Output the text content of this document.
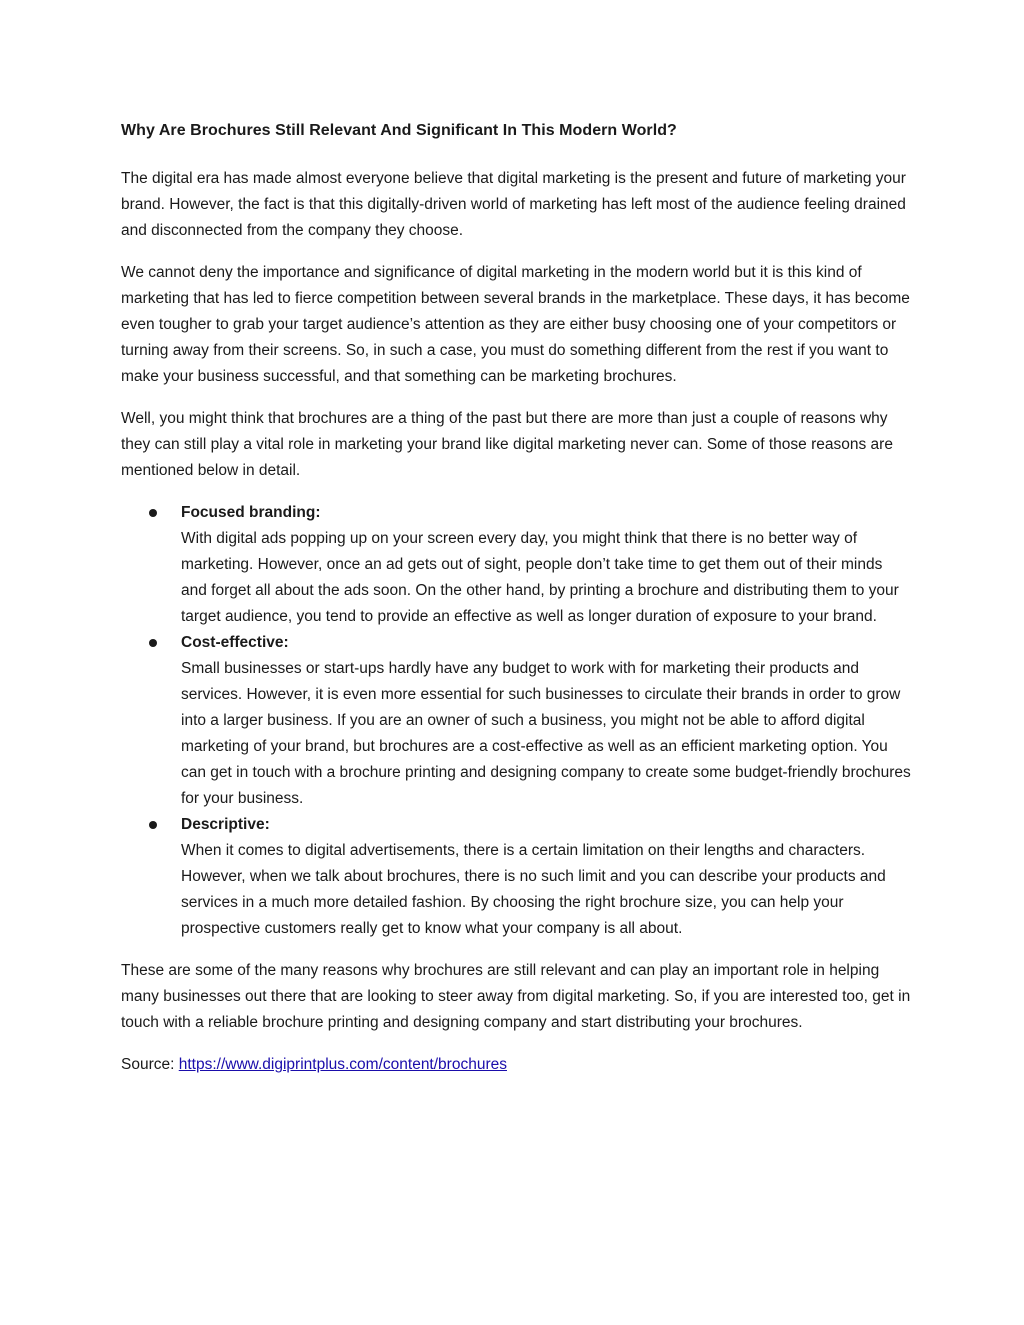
Why Are Brochures Still Relevant And Significant In This Modern World?

The digital era has made almost everyone believe that digital marketing is the present and future of marketing your brand. However, the fact is that this digitally-driven world of marketing has left most of the audience feeling drained and disconnected from the company they choose.

We cannot deny the importance and significance of digital marketing in the modern world but it is this kind of marketing that has led to fierce competition between several brands in the marketplace. These days, it has become even tougher to grab your target audience’s attention as they are either busy choosing one of your competitors or turning away from their screens. So, in such a case, you must do something different from the rest if you want to make your business successful, and that something can be marketing brochures.

Well, you might think that brochures are a thing of the past but there are more than just a couple of reasons why they can still play a vital role in marketing your brand like digital marketing never can. Some of those reasons are mentioned below in detail.

Focused branding:
With digital ads popping up on your screen every day, you might think that there is no better way of marketing. However, once an ad gets out of sight, people don’t take time to get them out of their minds and forget all about the ads soon. On the other hand, by printing a brochure and distributing them to your target audience, you tend to provide an effective as well as longer duration of exposure to your brand.
Cost-effective:
Small businesses or start-ups hardly have any budget to work with for marketing their products and services. However, it is even more essential for such businesses to circulate their brands in order to grow into a larger business. If you are an owner of such a business, you might not be able to afford digital marketing of your brand, but brochures are a cost-effective as well as an efficient marketing option. You can get in touch with a brochure printing and designing company to create some budget-friendly brochures for your business.
Descriptive:
When it comes to digital advertisements, there is a certain limitation on their lengths and characters. However, when we talk about brochures, there is no such limit and you can describe your products and services in a much more detailed fashion. By choosing the right brochure size, you can help your prospective customers really get to know what your company is all about.

These are some of the many reasons why brochures are still relevant and can play an important role in helping many businesses out there that are looking to steer away from digital marketing. So, if you are interested too, get in touch with a reliable brochure printing and designing company and start distributing your brochures.

Source: https://www.digiprintplus.com/content/brochures
